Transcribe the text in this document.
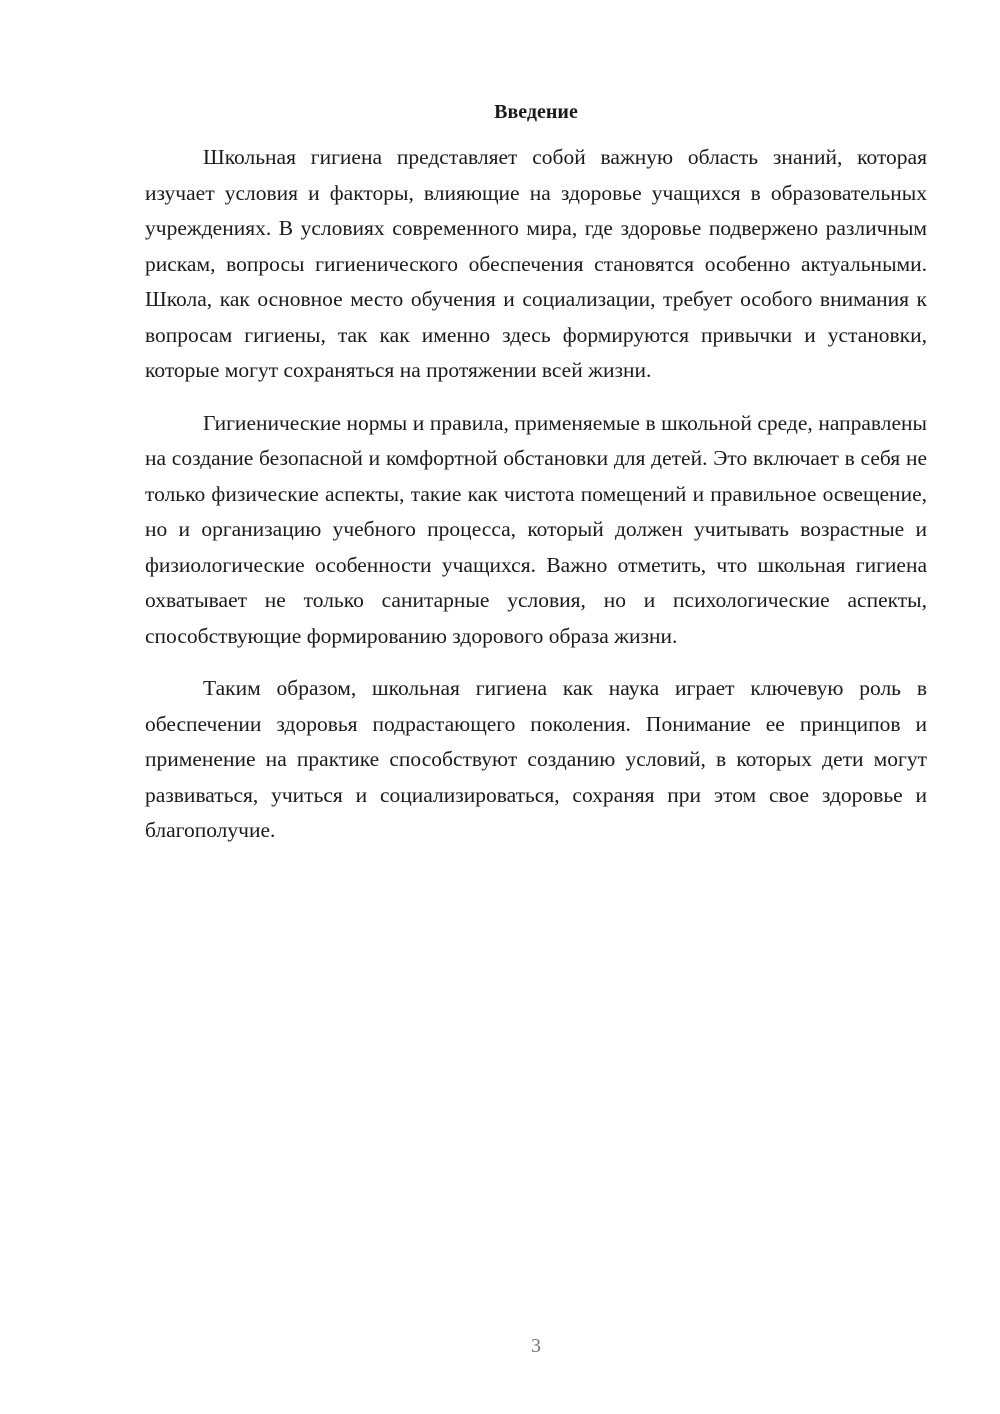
Введение

Школьная гигиена представляет собой важную область знаний, которая изучает условия и факторы, влияющие на здоровье учащихся в образовательных учреждениях. В условиях современного мира, где здоровье подвержено различным рискам, вопросы гигиенического обеспечения становятся особенно актуальными. Школа, как основное место обучения и социализации, требует особого внимания к вопросам гигиены, так как именно здесь формируются привычки и установки, которые могут сохраняться на протяжении всей жизни.

Гигиенические нормы и правила, применяемые в школьной среде, направлены на создание безопасной и комфортной обстановки для детей. Это включает в себя не только физические аспекты, такие как чистота помещений и правильное освещение, но и организацию учебного процесса, который должен учитывать возрастные и физиологические особенности учащихся. Важно отметить, что школьная гигиена охватывает не только санитарные условия, но и психологические аспекты, способствующие формированию здорового образа жизни.

Таким образом, школьная гигиена как наука играет ключевую роль в обеспечении здоровья подрастающего поколения. Понимание ее принципов и применение на практике способствуют созданию условий, в которых дети могут развиваться, учиться и социализироваться, сохраняя при этом свое здоровье и благополучие.

3
